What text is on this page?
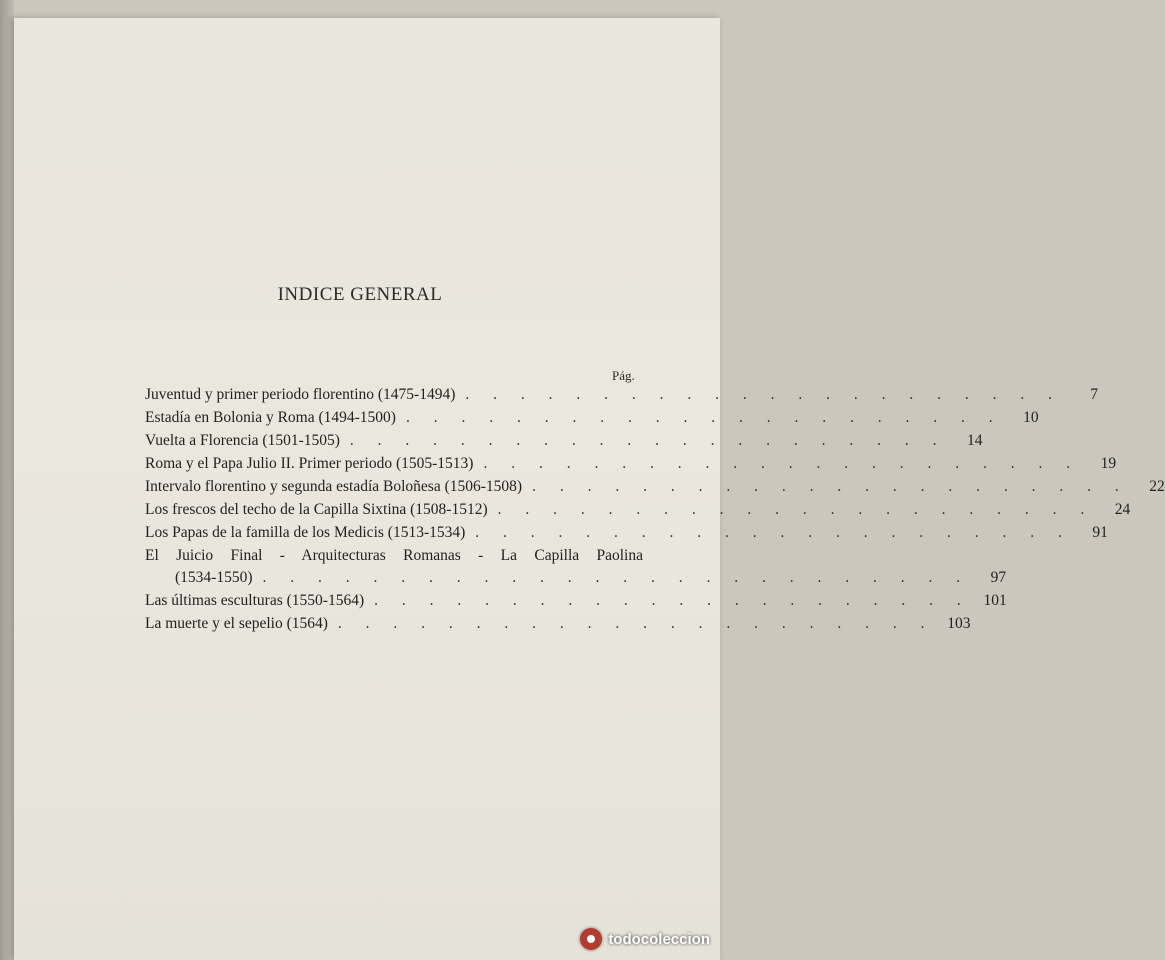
INDICE GENERAL
Pág.
Juventud y primer periodo florentino (1475-1494) . . . . . . . . . . . . . . . . . . . . . .	7
Estadía en Bolonia y Roma (1494-1500) . . . . . . . . . . . . . . . . . . . . . .	10
Vuelta a Florencia (1501-1505) . . . . . . . . . . . . . . . . . . . . . .	14
Roma y el Papa Julio II. Primer periodo (1505-1513) . . . . . . . . . . . . . . . . . . . . . .	19
Intervalo florentino y segunda estadía Boloñesa (1506-1508) . . . . . . . . . . . . . . . . . . . . . .	22
Los frescos del techo de la Capilla Sixtina (1508-1512) . . . . . . . . . . . . . . . . . . . . . .	24
Los Papas de la familla de los Medicis (1513-1534) . . . . . . . . . . . . . . . . . . . . . .	91
El Juicio Final - Arquitecturas Romanas - La Capilla Paolina
(1534-1550) . . . . . . . . . . . . . . . . . . . . . . . . . .	97
Las últimas esculturas (1550-1564) . . . . . . . . . . . . . . . . . . . . . . 101
La muerte y el sepelio (1564) . . . . . . . . . . . . . . . . . . . . . . 103
todocoleccion
